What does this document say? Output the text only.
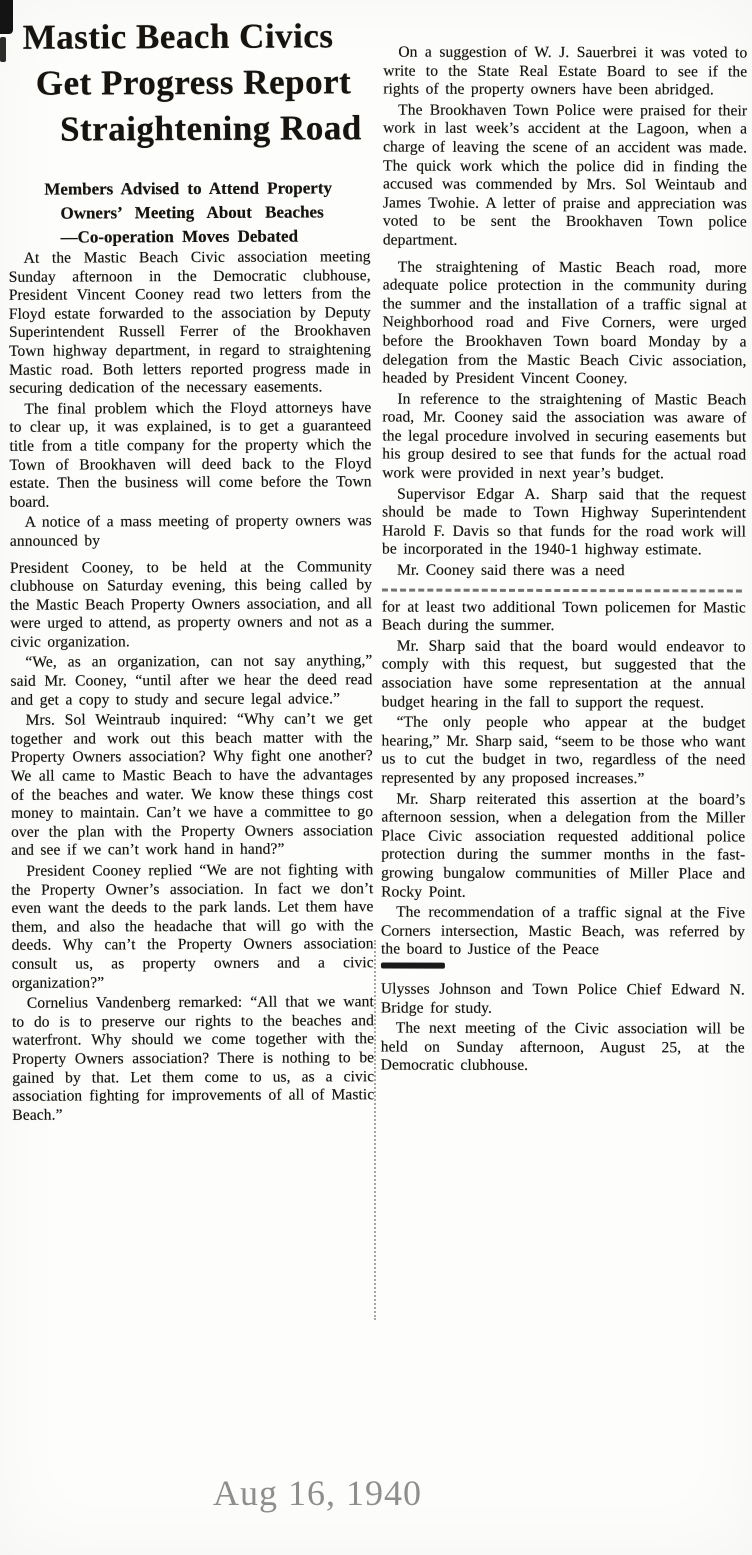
Mastic Beach Civics
Get Progress Report
Straightening Road
Members Advised to Attend Property
Owners’ Meeting About Beaches
—Co-operation Moves Debated

At the Mastic Beach Civic association meeting Sunday afternoon in the Democratic clubhouse, President Vincent Cooney read two letters from the Floyd estate forwarded to the association by Deputy Superintendent Russell Ferrer of the Brookhaven Town highway department, in regard to straightening Mastic road. Both letters reported progress made in securing dedication of the necessary easements.

The final problem which the Floyd attorneys have to clear up, it was explained, is to get a guaranteed title from a title company for the property which the Town of Brookhaven will deed back to the Floyd estate. Then the business will come before the Town board.

A notice of a mass meeting of property owners was announced by

President Cooney, to be held at the Community clubhouse on Saturday evening, this being called by the Mastic Beach Property Owners association, and all were urged to attend, as property owners and not as a civic organization.

“We, as an organization, can not say anything,” said Mr. Cooney, “until after we hear the deed read and get a copy to study and secure legal advice.”

Mrs. Sol Weintraub inquired: “Why can’t we get together and work out this beach matter with the Property Owners association? Why fight one another? We all came to Mastic Beach to have the advantages of the beaches and water. We know these things cost money to maintain. Can’t we have a committee to go over the plan with the Property Owners association and see if we can’t work hand in hand?”

President Cooney replied “We are not fighting with the Property Owner’s association. In fact we don’t even want the deeds to the park lands. Let them have them, and also the headache that will go with the deeds. Why can’t the Property Owners association consult us, as property owners and a civic organization?”

Cornelius Vandenberg remarked: “All that we want to do is to preserve our rights to the beaches and waterfront. Why should we come together with the Property Owners association? There is nothing to be gained by that. Let them come to us, as a civic association fighting for improvements of all of Mastic Beach.”

On a suggestion of W. J. Sauerbrei it was voted to write to the State Real Estate Board to see if the rights of the property owners have been abridged.

The Brookhaven Town Police were praised for their work in last week’s accident at the Lagoon, when a charge of leaving the scene of an accident was made. The quick work which the police did in finding the accused was commended by Mrs. Sol Weintaub and James Twohie. A letter of praise and appreciation was voted to be sent the Brookhaven Town police department.

The straightening of Mastic Beach road, more adequate police protection in the community during the summer and the installation of a traffic signal at Neighborhood road and Five Corners, were urged before the Brookhaven Town board Monday by a delegation from the Mastic Beach Civic association, headed by President Vincent Cooney.

In reference to the straightening of Mastic Beach road, Mr. Cooney said the association was aware of the legal procedure involved in securing easements but his group desired to see that funds for the actual road work were provided in next year’s budget.

Supervisor Edgar A. Sharp said that the request should be made to Town Highway Superintendent Harold F. Davis so that funds for the road work will be incorporated in the 1940-1 highway estimate.

Mr. Cooney said there was a need

for at least two additional Town policemen for Mastic Beach during the summer.

Mr. Sharp said that the board would endeavor to comply with this request, but suggested that the association have some representation at the annual budget hearing in the fall to support the request.

“The only people who appear at the budget hearing,” Mr. Sharp said, “seem to be those who want us to cut the budget in two, regardless of the need represented by any proposed increases.”

Mr. Sharp reiterated this assertion at the board’s afternoon session, when a delegation from the Miller Place Civic association requested additional police protection during the summer months in the fast-growing bungalow communities of Miller Place and Rocky Point.

The recommendation of a traffic signal at the Five Corners intersection, Mastic Beach, was referred by the board to Justice of the Peace

Ulysses Johnson and Town Police Chief Edward N. Bridge for study.

The next meeting of the Civic association will be held on Sunday afternoon, August 25, at the Democratic clubhouse.

Aug 16, 1940
